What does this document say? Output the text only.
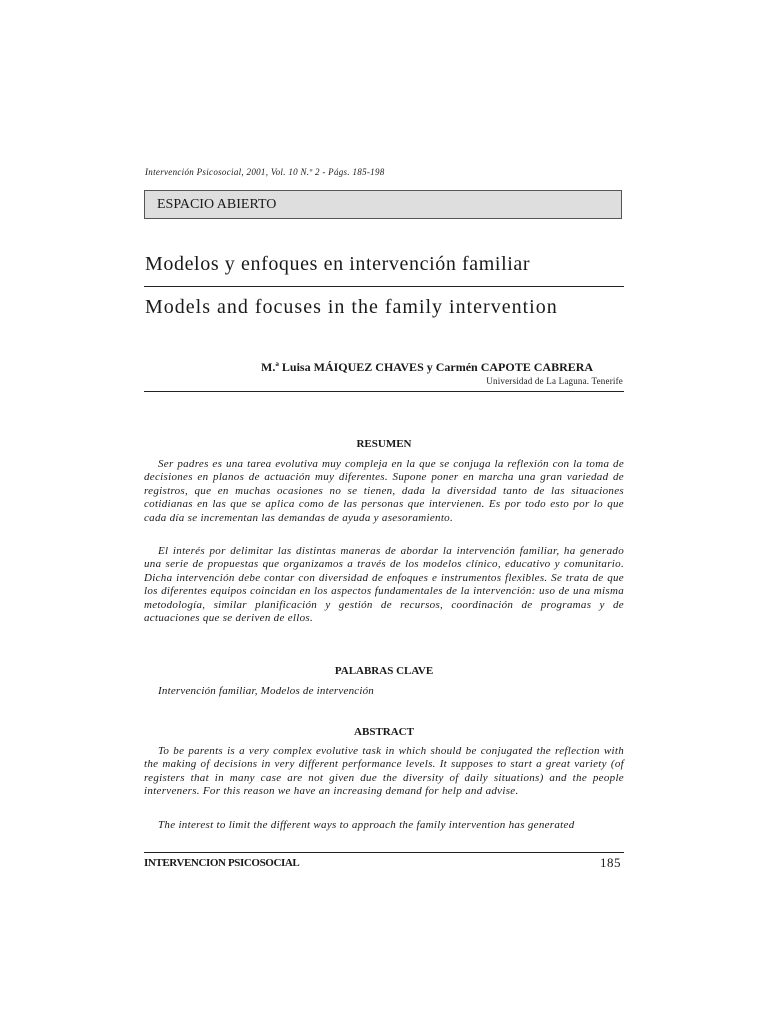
Intervención Psicosocial, 2001, Vol. 10 N.º 2 - Págs. 185-198
ESPACIO ABIERTO
Modelos y enfoques en intervención familiar
Models and focuses in the family intervention
M.ª Luisa MÁIQUEZ CHAVES y Carmén CAPOTE CABRERA
Universidad de La Laguna. Tenerife
RESUMEN

Ser padres es una tarea evolutiva muy compleja en la que se conjuga la reflexión con la toma de decisiones en planos de actuación muy diferentes. Supone poner en marcha una gran variedad de registros, que en muchas ocasiones no se tienen, dada la diversidad tanto de las situaciones cotidianas en las que se aplica como de las personas que intervienen. Es por todo esto por lo que cada día se incrementan las demandas de ayuda y asesoramiento.

El interés por delimitar las distintas maneras de abordar la intervención familiar, ha generado una serie de propuestas que organizamos a través de los modelos clínico, educativo y comunitario. Dicha intervención debe contar con diversidad de enfoques e instrumentos flexibles. Se trata de que los diferentes equipos coincidan en los aspectos fundamentales de la intervención: uso de una misma metodología, similar planificación y gestión de recursos, coordinación de programas y de actuaciones que se deriven de ellos.

PALABRAS CLAVE
Intervención familiar, Modelos de intervención
ABSTRACT

To be parents is a very complex evolutive task in which should be conjugated the reflection with the making of decisions in very different performance levels. It supposes to start a great variety (of registers that in many case are not given due the diversity of daily situations) and the people interveners. For this reason we have an increasing demand for help and advise.

The interest to limit the different ways to approach the family intervention has generated

INTERVENCION PSICOSOCIAL	185
